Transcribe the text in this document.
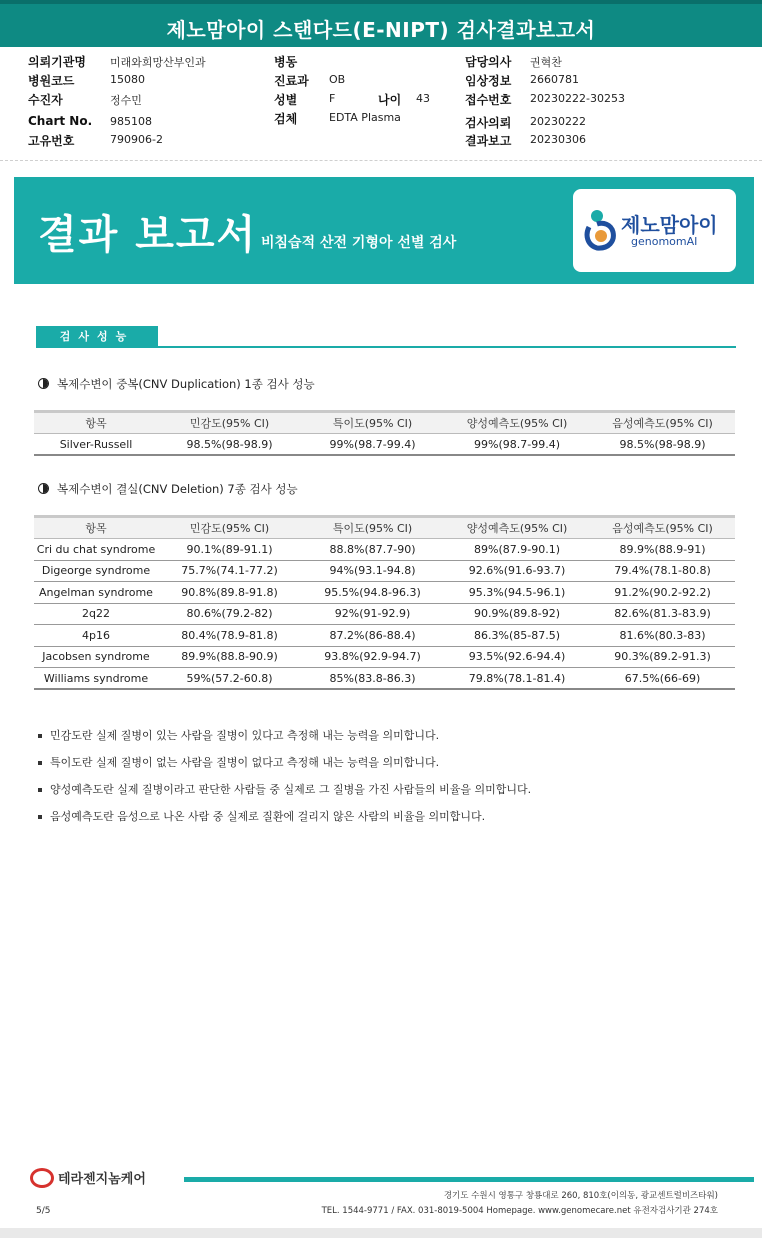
제노맘아이 스탠다드(E-NIPT) 검사결과보고서
의뢰기관명 미래와희망산부인과
병원코드	15080
수진자	정수민
Chart No. 985108
고유번호	790906-2
병동
진료과 OB
성별	F	나이 43
검체	EDTA Plasma
담당의사 권혁찬
임상정보 2660781
접수번호 20230222-30253
검사의뢰 20230222
결과보고 20230306
결과 보고서 비침습적 산전 기형아 선별 검사
제노맘아이
genomomAI
검사성능
복제수변이 중복(CNV Duplication) 1종 검사 성능
항목	민감도(95% CI)	특이도(95% CI)	양성예측도(95% CI)	음성예측도(95% CI)
Silver-Russell	98.5%(98-98.9)	99%(98.7-99.4)	99%(98.7-99.4)	98.5%(98-98.9)
복제수변이 결실(CNV Deletion) 7종 검사 성능
항목	민감도(95% CI)	특이도(95% CI)	양성예측도(95% CI)	음성예측도(95% CI)
Cri du chat syndrome	90.1%(89-91.1)	88.8%(87.7-90)	89%(87.9-90.1)	89.9%(88.9-91)
Digeorge syndrome	75.7%(74.1-77.2)	94%(93.1-94.8)	92.6%(91.6-93.7)	79.4%(78.1-80.8)
Angelman syndrome	90.8%(89.8-91.8)	95.5%(94.8-96.3)	95.3%(94.5-96.1)	91.2%(90.2-92.2)
2q22	80.6%(79.2-82)	92%(91-92.9)	90.9%(89.8-92)	82.6%(81.3-83.9)
4p16	80.4%(78.9-81.8)	87.2%(86-88.4)	86.3%(85-87.5)	81.6%(80.3-83)
Jacobsen syndrome	89.9%(88.8-90.9)	93.8%(92.9-94.7)	93.5%(92.6-94.4)	90.3%(89.2-91.3)
Williams syndrome	59%(57.2-60.8)	85%(83.8-86.3)	79.8%(78.1-81.4)	67.5%(66-69)
민감도란 실제 질병이 있는 사람을 질병이 있다고 측정해 내는 능력을 의미합니다.
특이도란 실제 질병이 없는 사람을 질병이 없다고 측정해 내는 능력을 의미합니다.
양성예측도란 실제 질병이라고 판단한 사람들 중 실제로 그 질병을 가진 사람들의 비율을 의미합니다.
음성예측도란 음성으로 나온 사람 중 실제로 질환에 걸리지 않은 사람의 비율을 의미합니다.
테라젠지놈케어
경기도 수원시 영통구 창룡대로 260, 810호(이의동, 광교센트럴비즈타워)
TEL. 1544-9771 / FAX. 031-8019-5004 Homepage. www.genomecare.net 유전자검사기관 274호
5/5
